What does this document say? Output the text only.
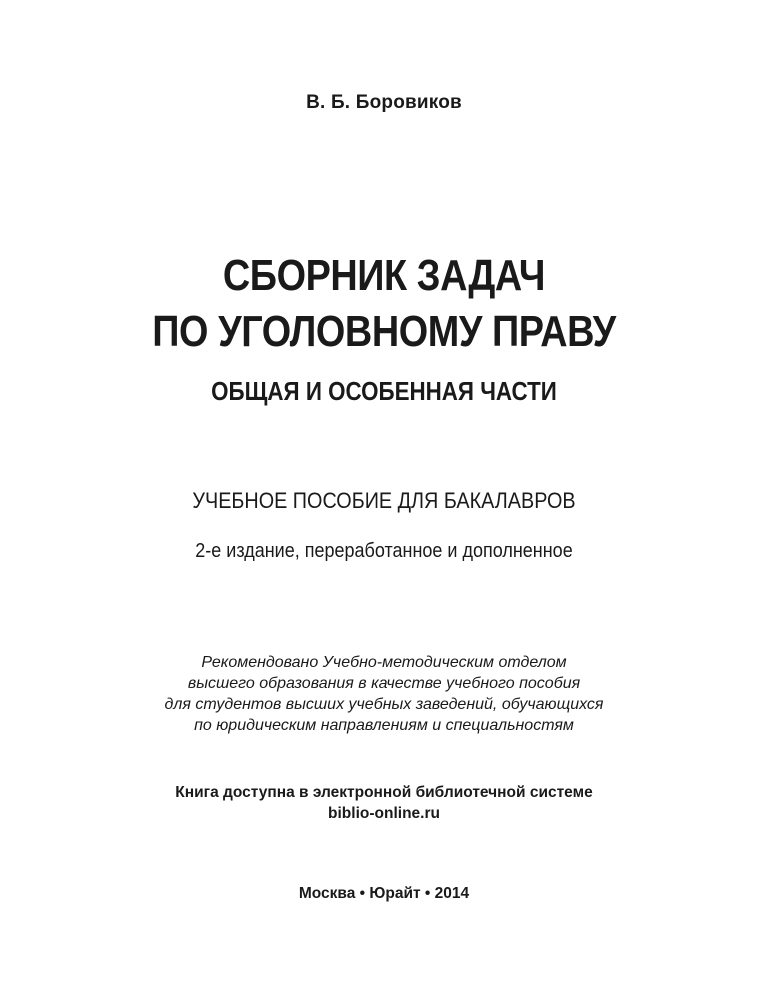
В. Б. Боровиков
СБОРНИК ЗАДАЧ
ПО УГОЛОВНОМУ ПРАВУ
ОБЩАЯ И ОСОБЕННАЯ ЧАСТИ
УЧЕБНОЕ ПОСОБИЕ ДЛЯ БАКАЛАВРОВ
2-е издание, переработанное и дополненное
Рекомендовано Учебно-методическим отделом
высшего образования в качестве учебного пособия
для студентов высших учебных заведений, обучающихся
по юридическим направлениям и специальностям
Книга доступна в электронной библиотечной системе
biblio-online.ru
Москва • Юрайт • 2014
